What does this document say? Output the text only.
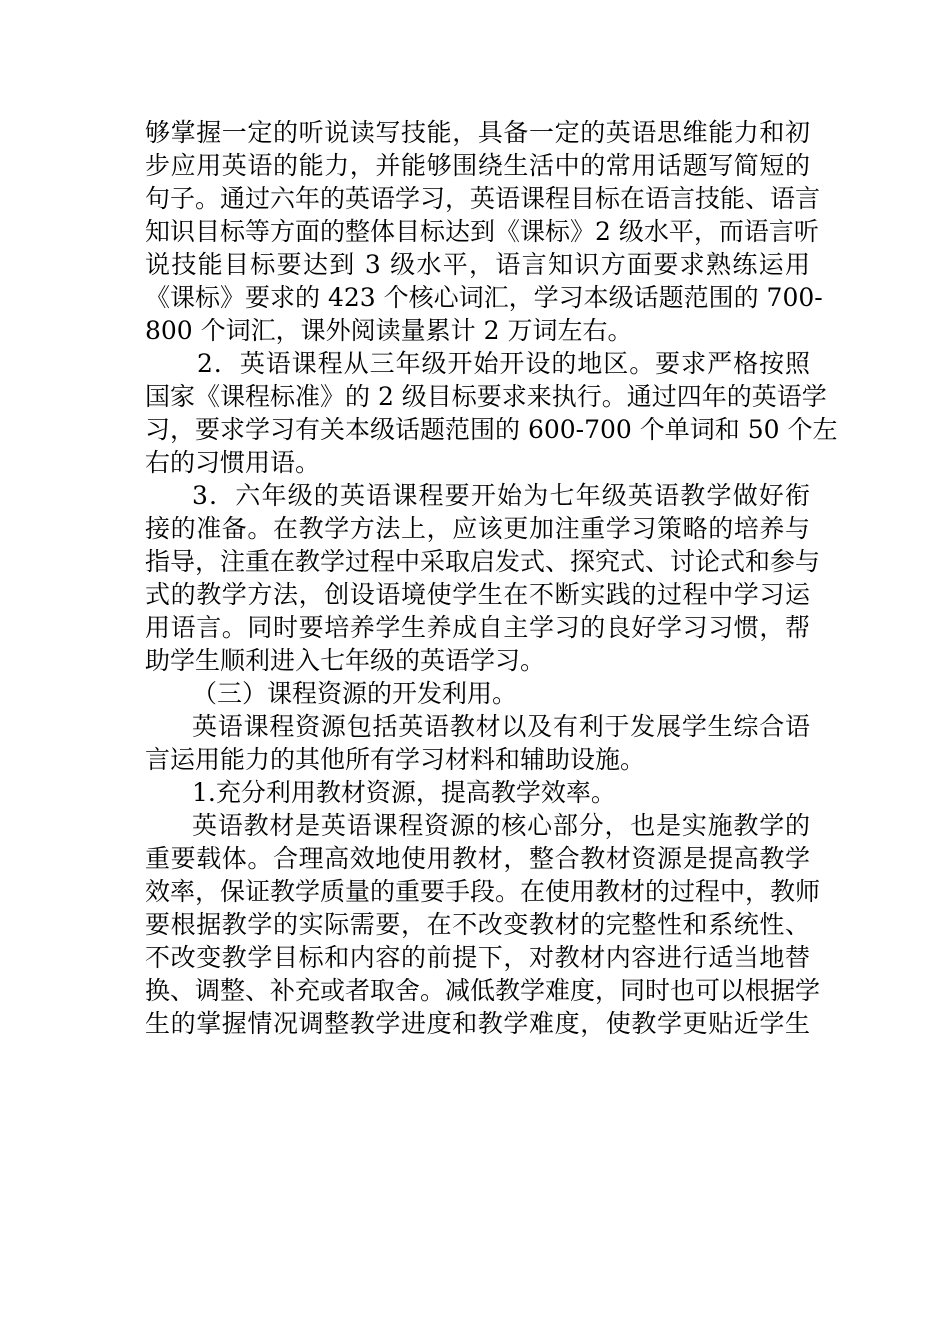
够掌握一定的听说读写技能，具备一定的英语思维能力和初
步应用英语的能力，并能够围绕生活中的常用话题写简短的
句子。通过六年的英语学习，英语课程目标在语言技能、语言
知识目标等方面的整体目标达到《课标》2 级水平，而语言听
说技能目标要达到 3 级水平，语言知识方面要求熟练运用
《课标》要求的 423 个核心词汇，学习本级话题范围的 700-
800 个词汇，课外阅读量累计 2 万词左右。
2．英语课程从三年级开始开设的地区。要求严格按照
国家《课程标准》的 2 级目标要求来执行。通过四年的英语学
习，要求学习有关本级话题范围的 600-700 个单词和 50 个左
右的习惯用语。
3．六年级的英语课程要开始为七年级英语教学做好衔
接的准备。在教学方法上，应该更加注重学习策略的培养与
指导，注重在教学过程中采取启发式、探究式、讨论式和参与
式的教学方法，创设语境使学生在不断实践的过程中学习运
用语言。同时要培养学生养成自主学习的良好学习习惯，帮
助学生顺利进入七年级的英语学习。
（三）课程资源的开发利用。
英语课程资源包括英语教材以及有利于发展学生综合语
言运用能力的其他所有学习材料和辅助设施。
1.充分利用教材资源，提高教学效率。
英语教材是英语课程资源的核心部分，也是实施教学的
重要载体。合理高效地使用教材，整合教材资源是提高教学
效率，保证教学质量的重要手段。在使用教材的过程中，教师
要根据教学的实际需要，在不改变教材的完整性和系统性、
不改变教学目标和内容的前提下，对教材内容进行适当地替
换、调整、补充或者取舍。减低教学难度，同时也可以根据学
生的掌握情况调整教学进度和教学难度，使教学更贴近学生
